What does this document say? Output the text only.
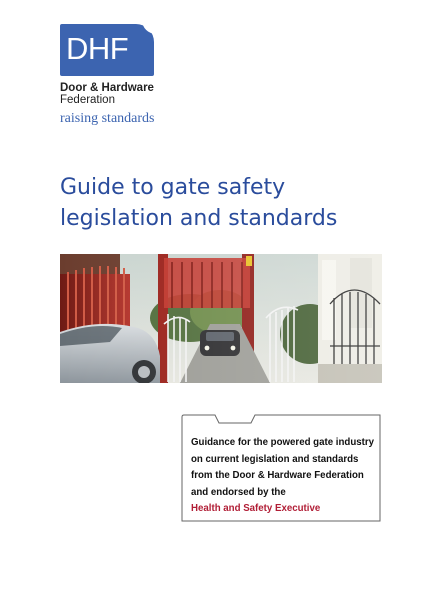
DHF
Door & Hardware
Federation
raising standards
Guide to gate safety
legislation and standards
Guidance for the powered gate industry on current legislation and standards from the Door & Hardware Federation and endorsed by the
Health and Safety Executive
